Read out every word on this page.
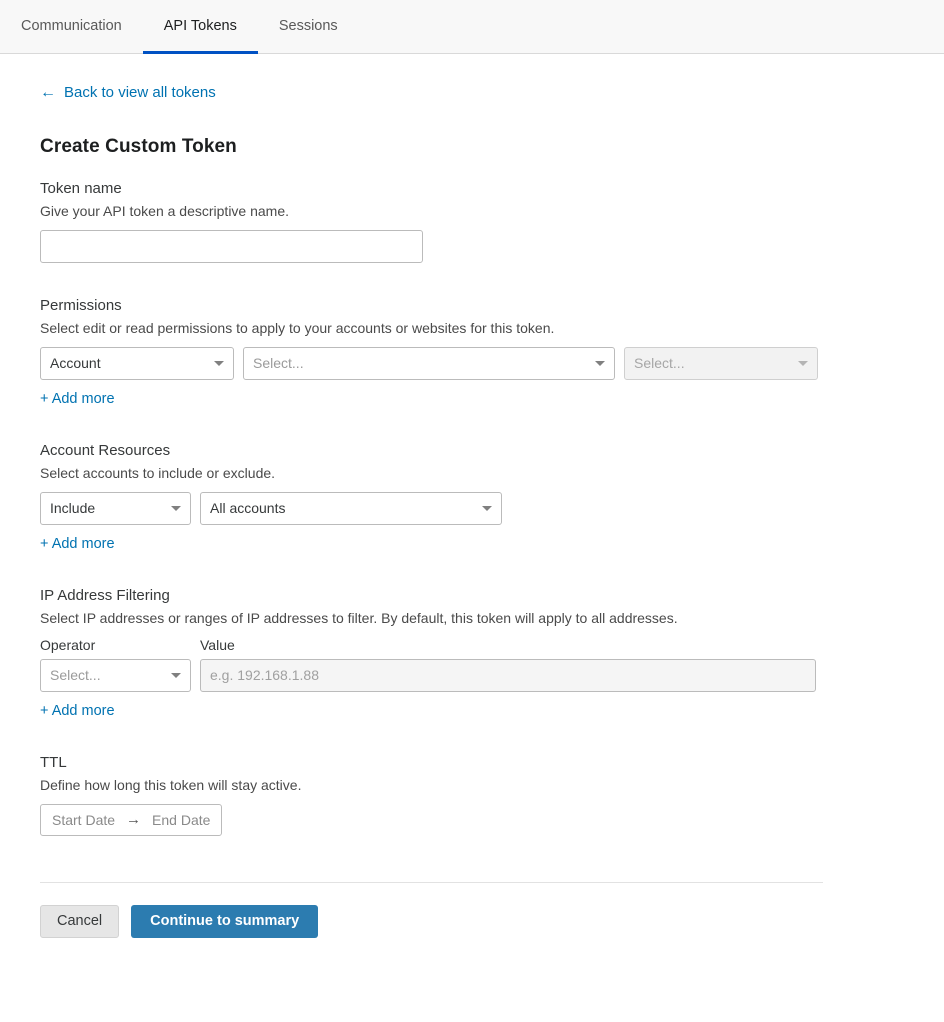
Communication	API Tokens	Sessions
← Back to view all tokens
Create Custom Token
Token name
Give your API token a descriptive name.
Permissions
Select edit or read permissions to apply to your accounts or websites for this token.
Account	Select...	Select...
+ Add more
Account Resources
Select accounts to include or exclude.
Include	All accounts
+ Add more
IP Address Filtering
Select IP addresses or ranges of IP addresses to filter. By default, this token will apply to all addresses.
Operator
Select...
Value
e.g. 192.168.1.88
+ Add more
TTL
Define how long this token will stay active.
Start Date → End Date
Cancel	Continue to summary
